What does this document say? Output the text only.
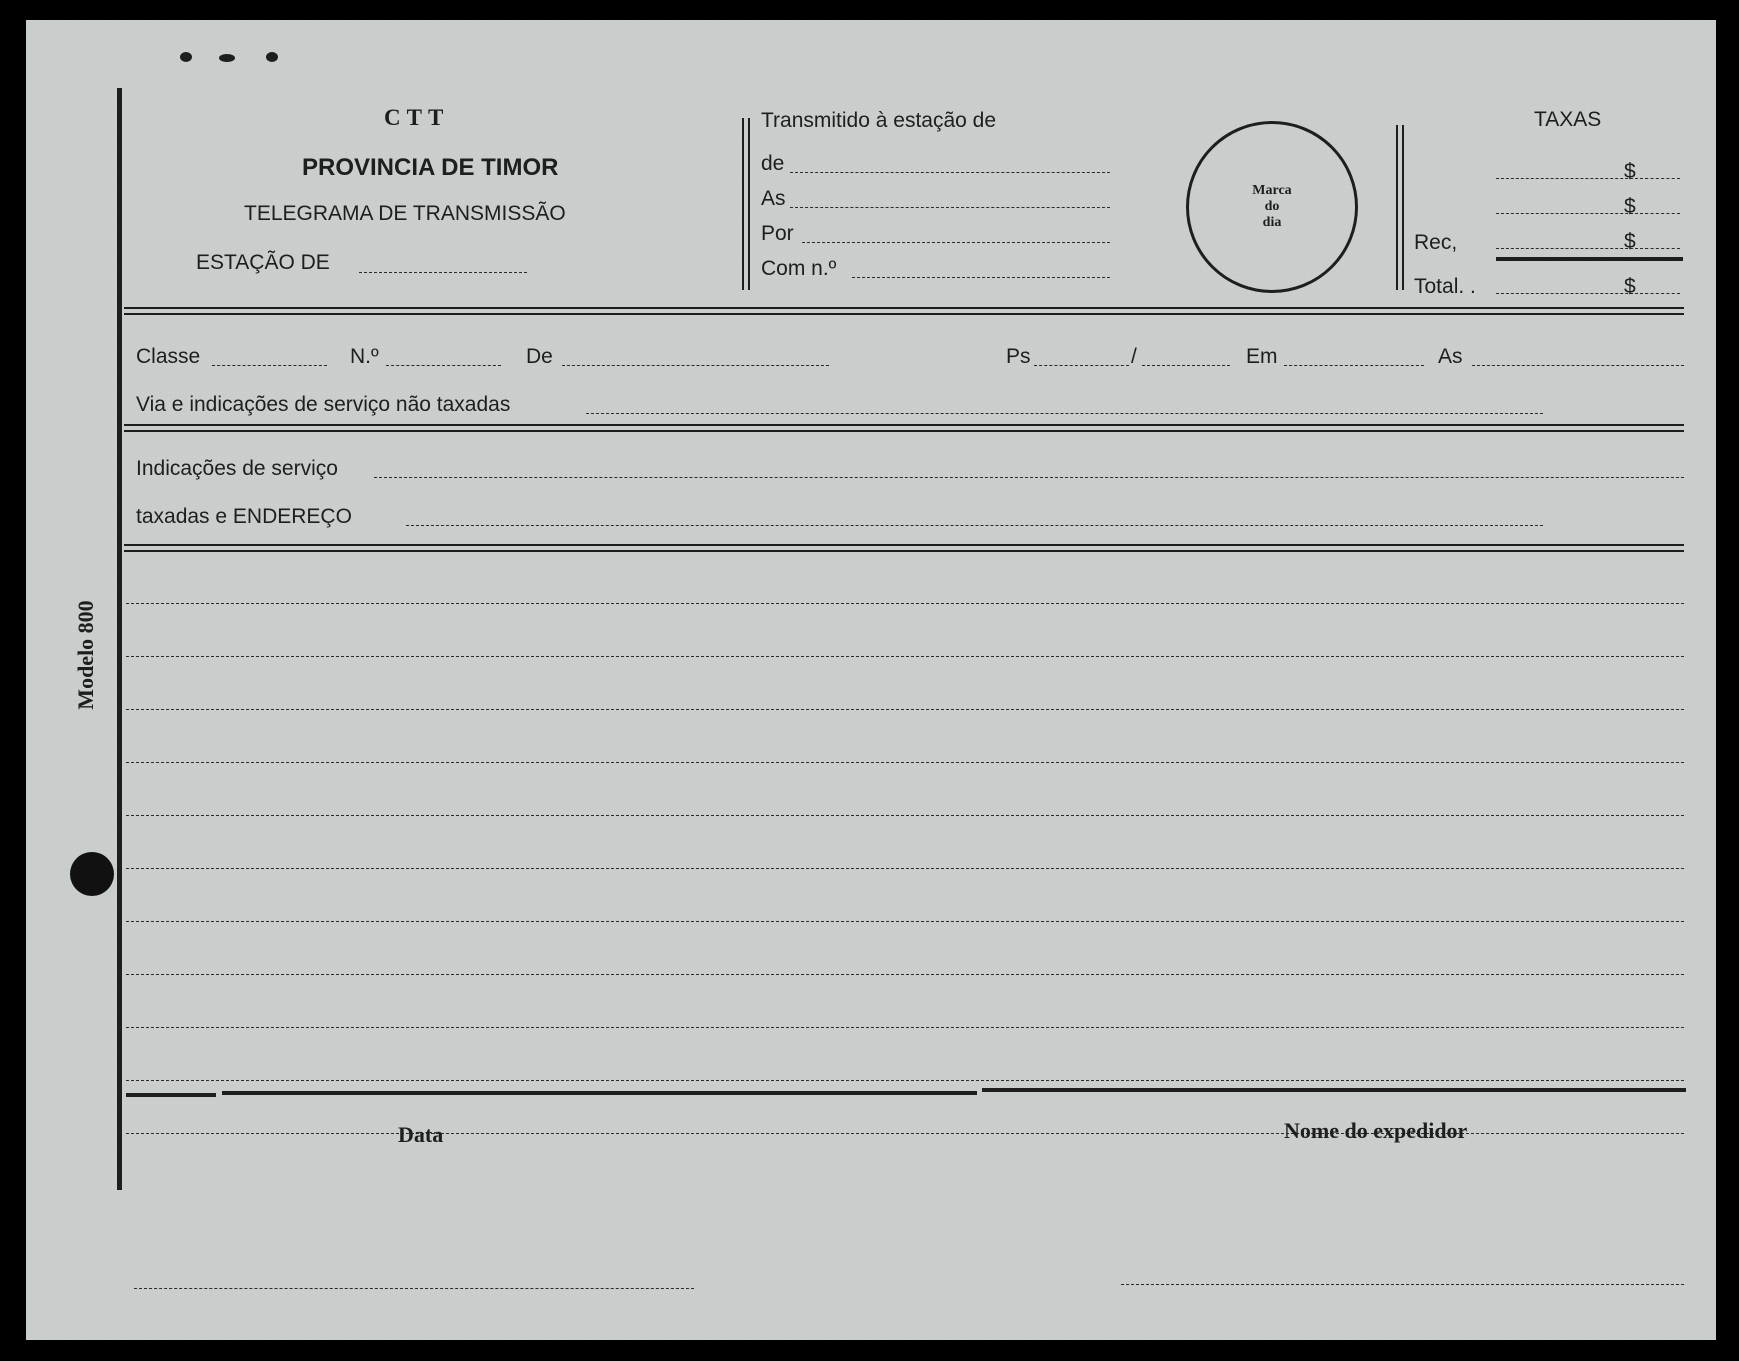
Modelo 800
CTT
PROVINCIA DE TIMOR
TELEGRAMA DE TRANSMISSÃO
ESTAÇÃO DE
Transmitido à estação de
de
As
Por
Com n.º
Marca
do
dia
TAXAS
$
$
Rec,	$
Total. .	$
Classe	N.º	De	Ps	/	Em	As
Via e indicações de serviço não taxadas
Indicações de serviço
taxadas e ENDEREÇO
Data	Nome do expedidor
